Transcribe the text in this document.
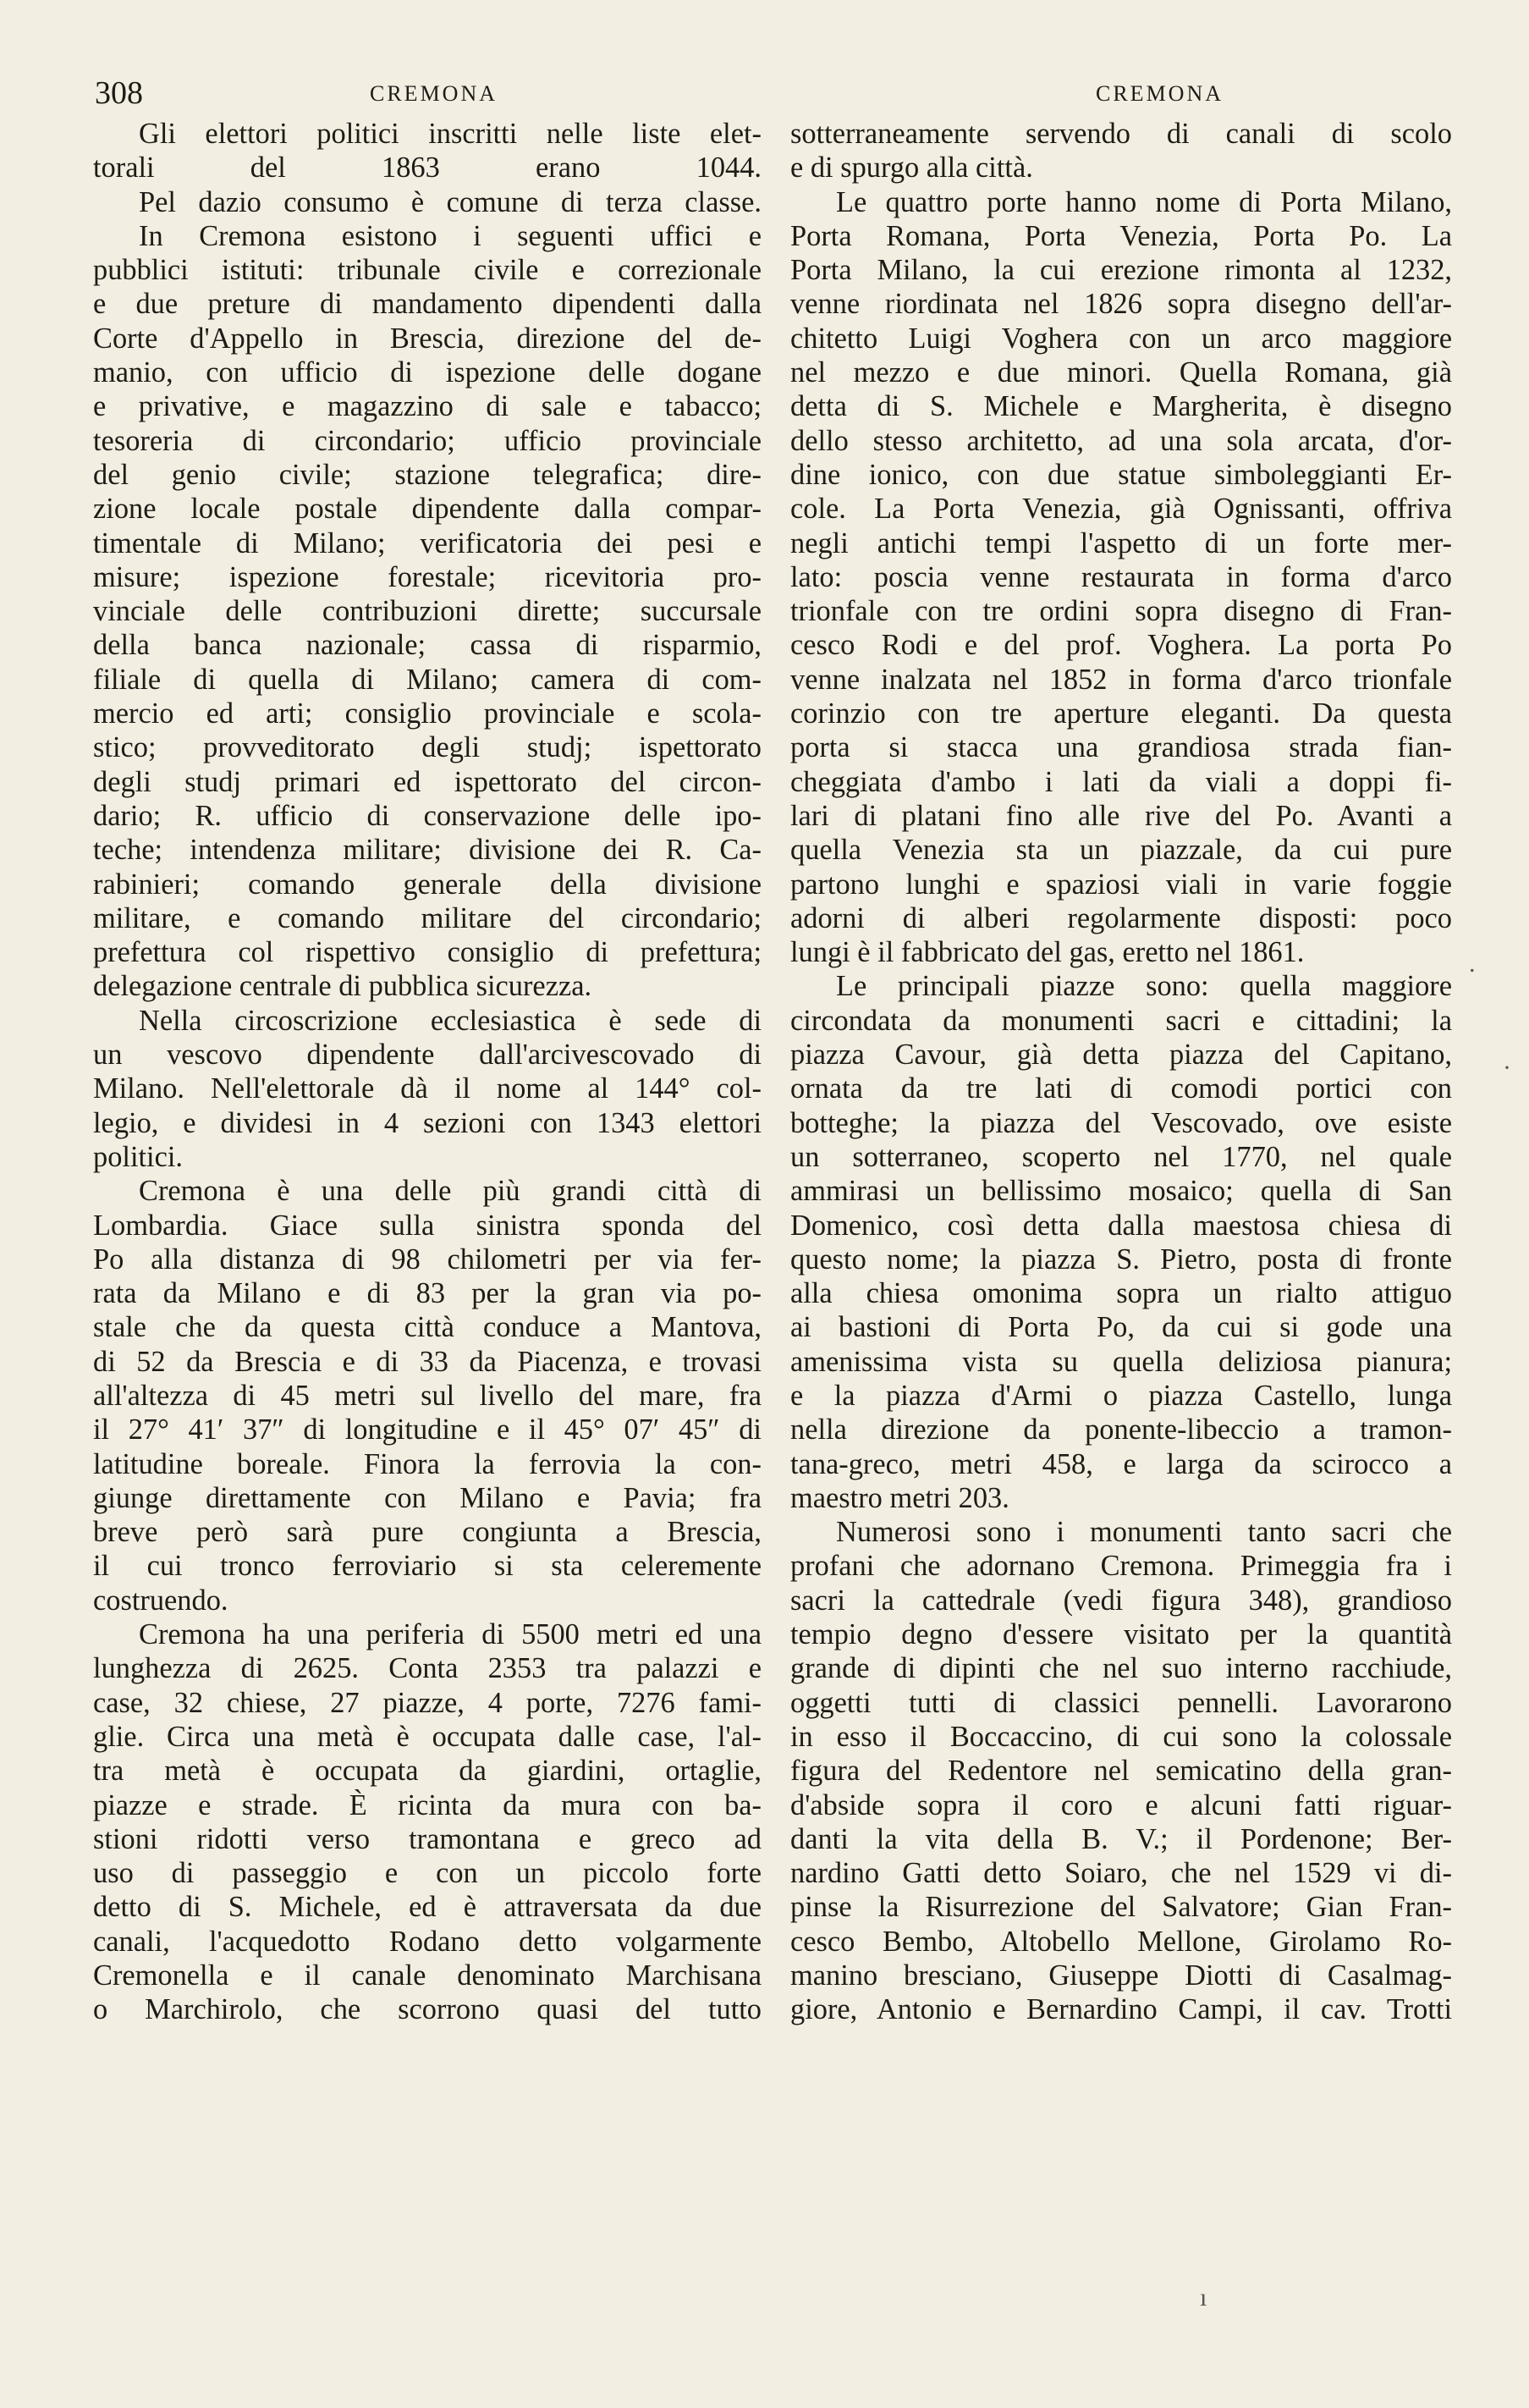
308	CREMONA	CREMONA
Gli elettori politici inscritti nelle liste elet-
torali del 1863 erano 1044.
Pel dazio consumo è comune di terza classe.
In Cremona esistono i seguenti uffici e
pubblici istituti: tribunale civile e correzionale
e due preture di mandamento dipendenti dalla
Corte d'Appello in Brescia, direzione del de-
manio, con ufficio di ispezione delle dogane
e privative, e magazzino di sale e tabacco;
tesoreria di circondario; ufficio provinciale
del genio civile; stazione telegrafica; dire-
zione locale postale dipendente dalla compar-
timentale di Milano; verificatoria dei pesi e
misure; ispezione forestale; ricevitoria pro-
vinciale delle contribuzioni dirette; succursale
della banca nazionale; cassa di risparmio,
filiale di quella di Milano; camera di com-
mercio ed arti; consiglio provinciale e scola-
stico; provveditorato degli studj; ispettorato
degli studj primari ed ispettorato del circon-
dario; R. ufficio di conservazione delle ipo-
teche; intendenza militare; divisione dei R. Ca-
rabinieri; comando generale della divisione
militare, e comando militare del circondario;
prefettura col rispettivo consiglio di prefettura;
delegazione centrale di pubblica sicurezza.
Nella circoscrizione ecclesiastica è sede di
un vescovo dipendente dall'arcivescovado di
Milano. Nell'elettorale dà il nome al 144° col-
legio, e dividesi in 4 sezioni con 1343 elettori
politici.
Cremona è una delle più grandi città di
Lombardia. Giace sulla sinistra sponda del
Po alla distanza di 98 chilometri per via fer-
rata da Milano e di 83 per la gran via po-
stale che da questa città conduce a Mantova,
di 52 da Brescia e di 33 da Piacenza, e trovasi
all'altezza di 45 metri sul livello del mare, fra
il 27° 41′ 37″ di longitudine e il 45° 07′ 45″ di
latitudine boreale. Finora la ferrovia la con-
giunge direttamente con Milano e Pavia; fra
breve però sarà pure congiunta a Brescia,
il cui tronco ferroviario si sta celeremente
costruendo.
Cremona ha una periferia di 5500 metri ed una
lunghezza di 2625. Conta 2353 tra palazzi e
case, 32 chiese, 27 piazze, 4 porte, 7276 fami-
glie. Circa una metà è occupata dalle case, l'al-
tra metà è occupata da giardini, ortaglie,
piazze e strade. È ricinta da mura con ba-
stioni ridotti verso tramontana e greco ad
uso di passeggio e con un piccolo forte
detto di S. Michele, ed è attraversata da due
canali, l'acquedotto Rodano detto volgarmente
Cremonella e il canale denominato Marchisana
o Marchirolo, che scorrono quasi del tutto
sotterraneamente servendo di canali di scolo
e di spurgo alla città.
Le quattro porte hanno nome di Porta Milano,
Porta Romana, Porta Venezia, Porta Po. La
Porta Milano, la cui erezione rimonta al 1232,
venne riordinata nel 1826 sopra disegno dell'ar-
chitetto Luigi Voghera con un arco maggiore
nel mezzo e due minori. Quella Romana, già
detta di S. Michele e Margherita, è disegno
dello stesso architetto, ad una sola arcata, d'or-
dine ionico, con due statue simboleggianti Er-
cole. La Porta Venezia, già Ognissanti, offriva
negli antichi tempi l'aspetto di un forte mer-
lato: poscia venne restaurata in forma d'arco
trionfale con tre ordini sopra disegno di Fran-
cesco Rodi e del prof. Voghera. La porta Po
venne inalzata nel 1852 in forma d'arco trionfale
corinzio con tre aperture eleganti. Da questa
porta si stacca una grandiosa strada fian-
cheggiata d'ambo i lati da viali a doppi fi-
lari di platani fino alle rive del Po. Avanti a
quella Venezia sta un piazzale, da cui pure
partono lunghi e spaziosi viali in varie foggie
adorni di alberi regolarmente disposti: poco
lungi è il fabbricato del gas, eretto nel 1861.
Le principali piazze sono: quella maggiore
circondata da monumenti sacri e cittadini; la
piazza Cavour, già detta piazza del Capitano,
ornata da tre lati di comodi portici con
botteghe; la piazza del Vescovado, ove esiste
un sotterraneo, scoperto nel 1770, nel quale
ammirasi un bellissimo mosaico; quella di San
Domenico, così detta dalla maestosa chiesa di
questo nome; la piazza S. Pietro, posta di fronte
alla chiesa omonima sopra un rialto attiguo
ai bastioni di Porta Po, da cui si gode una
amenissima vista su quella deliziosa pianura;
e la piazza d'Armi o piazza Castello, lunga
nella direzione da ponente-libeccio a tramon-
tana-greco, metri 458, e larga da scirocco a
maestro metri 203.
Numerosi sono i monumenti tanto sacri che
profani che adornano Cremona. Primeggia fra i
sacri la cattedrale (vedi figura 348), grandioso
tempio degno d'essere visitato per la quantità
grande di dipinti che nel suo interno racchiude,
oggetti tutti di classici pennelli. Lavorarono
in esso il Boccaccino, di cui sono la colossale
figura del Redentore nel semicatino della gran-
d'abside sopra il coro e alcuni fatti riguar-
danti la vita della B. V.; il Pordenone; Ber-
nardino Gatti detto Soiaro, che nel 1529 vi di-
pinse la Risurrezione del Salvatore; Gian Fran-
cesco Bembo, Altobello Mellone, Girolamo Ro-
manino bresciano, Giuseppe Diotti di Casalmag-
giore, Antonio e Bernardino Campi, il cav. Trotti
.
·
ı
